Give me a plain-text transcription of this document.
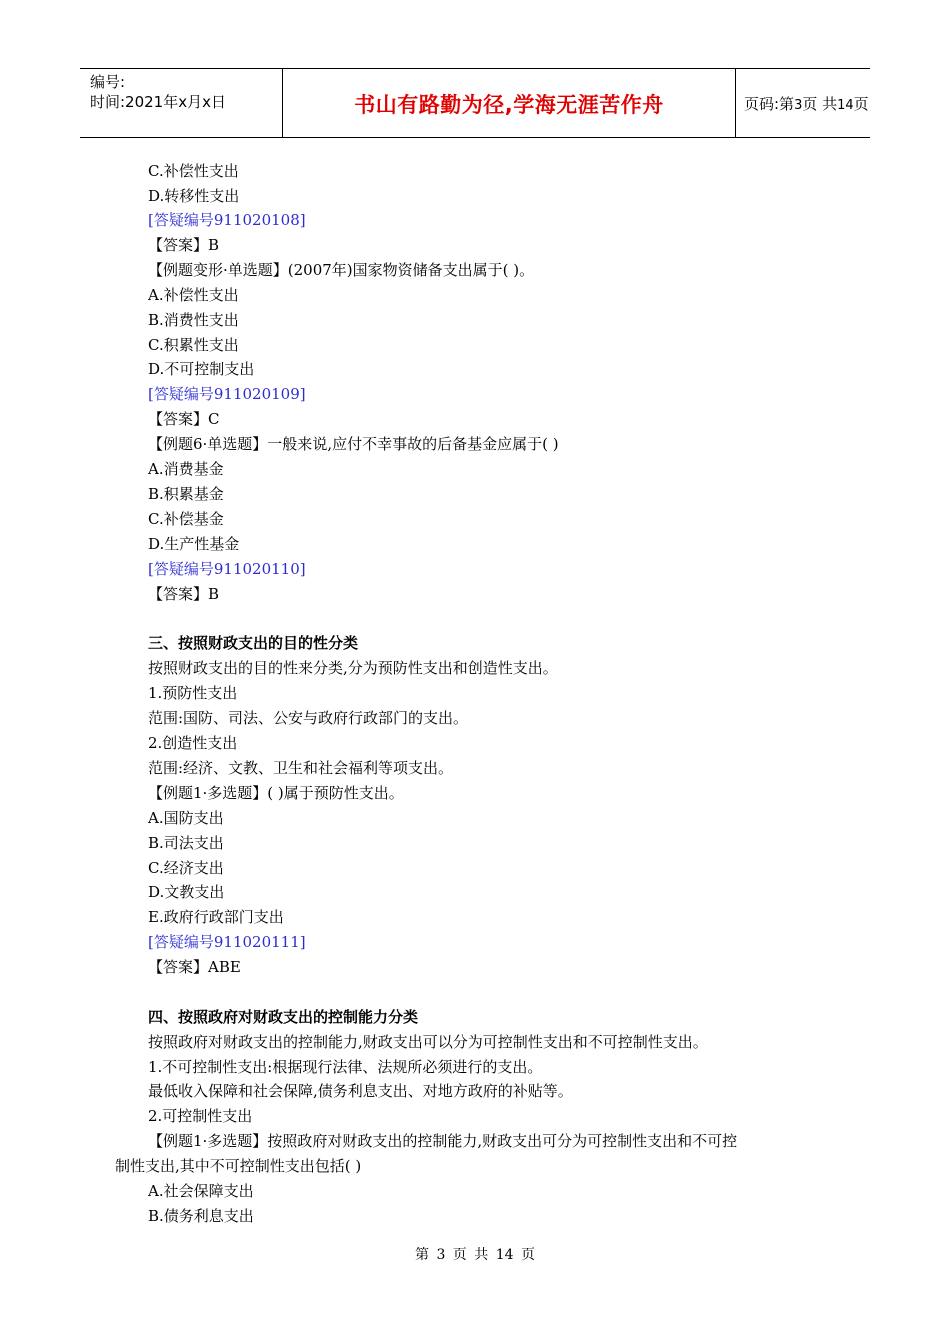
编号:
时间:2021年x月x日	书山有路勤为径,学海无涯苦作舟	页码:第3页 共14页
C.补偿性支出
D.转移性支出
[答疑编号911020108]
【答案】B
【例题变形·单选题】(2007年)国家物资储备支出属于( )。
A.补偿性支出
B.消费性支出
C.积累性支出
D.不可控制支出
[答疑编号911020109]
【答案】C
【例题6·单选题】一般来说,应付不幸事故的后备基金应属于( )
A.消费基金
B.积累基金
C.补偿基金
D.生产性基金
[答疑编号911020110]
【答案】B
三、按照财政支出的目的性分类
按照财政支出的目的性来分类,分为预防性支出和创造性支出。
1.预防性支出
范围:国防、司法、公安与政府行政部门的支出。
2.创造性支出
范围:经济、文教、卫生和社会福利等项支出。
【例题1·多选题】( )属于预防性支出。
A.国防支出
B.司法支出
C.经济支出
D.文教支出
E.政府行政部门支出
[答疑编号911020111]
【答案】ABE
四、按照政府对财政支出的控制能力分类
按照政府对财政支出的控制能力,财政支出可以分为可控制性支出和不可控制性支出。
1.不可控制性支出:根据现行法律、法规所必须进行的支出。
最低收入保障和社会保障,债务利息支出、对地方政府的补贴等。
2.可控制性支出
【例题1·多选题】按照政府对财政支出的控制能力,财政支出可分为可控制性支出和不可控
制性支出,其中不可控制性支出包括( )
A.社会保障支出
B.债务利息支出
第 3 页 共 14 页
